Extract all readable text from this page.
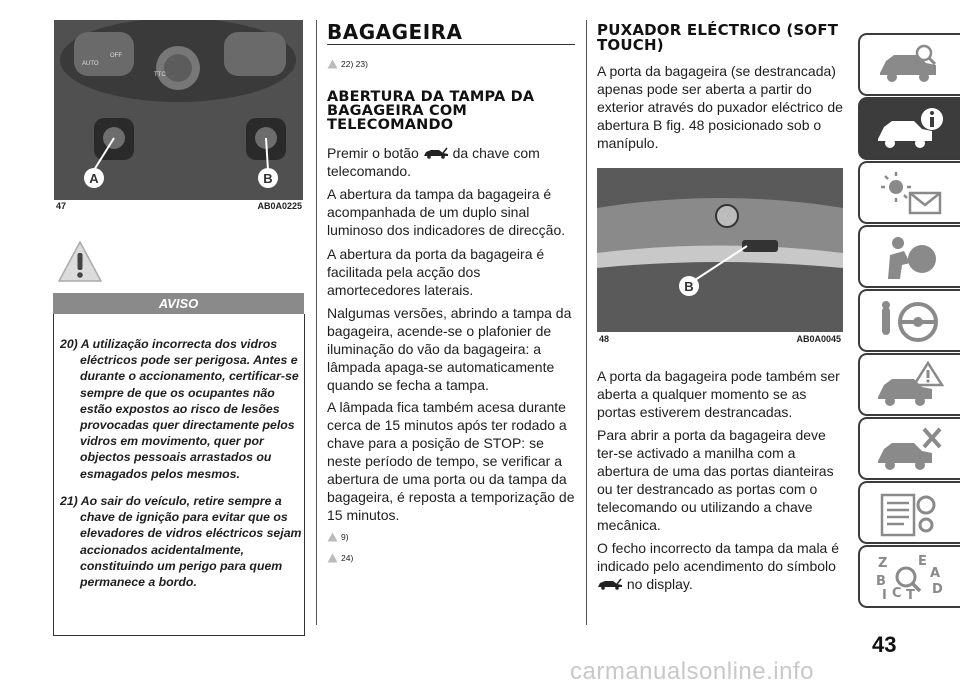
AUTO
OFF
TTC
A	B
47	AB0A0225
AVISO
20) A utilização incorrecta dos vidros eléctricos pode ser perigosa. Antes e durante o accionamento, certificar-se sempre de que os ocupantes não estão expostos ao risco de lesões provocadas quer directamente pelos vidros em movimento, quer por objectos pessoais arrastados ou esmagados pelos mesmos.
21) Ao sair do veículo, retire sempre a chave de ignição para evitar que os elevadores de vidros eléctricos sejam accionados acidentalmente, constituindo um perigo para quem permanece a bordo.
BAGAGEIRA
22) 23)
ABERTURA DA TAMPA DA BAGAGEIRA COM TELECOMANDO
Premir o botão da chave com telecomando.
A abertura da tampa da bagageira é acompanhada de um duplo sinal luminoso dos indicadores de direcção.
A abertura da porta da bagageira é facilitada pela acção dos amortecedores laterais.
Nalgumas versões, abrindo a tampa da bagageira, acende-se o plafonier de iluminação do vão da bagageira: a lâmpada apaga-se automaticamente quando se fecha a tampa.
A lâmpada fica também acesa durante cerca de 15 minutos após ter rodado a chave para a posição de STOP: se neste período de tempo, se verificar a abertura de uma porta ou da tampa da bagageira, é reposta a temporização de 15 minutos.
9)
24)
PUXADOR ELÉCTRICO (SOFT TOUCH)
A porta da bagageira (se destrancada) apenas pode ser aberta a partir do exterior através do puxador eléctrico de abertura B fig. 48 posicionado sob o manípulo.
B
48	AB0A0045
A porta da bagageira pode também ser aberta a qualquer momento se as portas estiverem destrancadas.
Para abrir a porta da bagageira deve ter-se activado a manilha com a abertura de uma das portas dianteiras ou ter destrancado as portas com o telecomando ou utilizando a chave mecânica.
O fecho incorrecto da tampa da mala é indicado pelo acendimento do símbolo
no display.
Z E
A
B
C D
T
I
43
carmanualsonline.info
